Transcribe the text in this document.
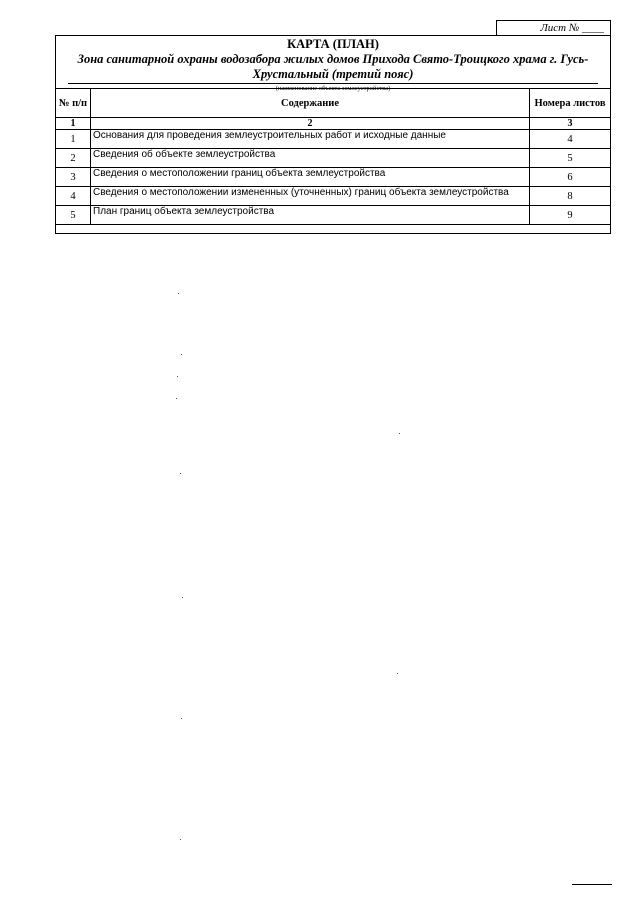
Лист № ____
КАРТА (ПЛАН)
Зона санитарной охраны водозабора жилых домов Прихода Свято-Троицкого храма г. Гусь-
Хрустальный (третий пояс)
(наименование объекта землеустройства)
№ п/п	Содержание	Номера листов
1	2	3
1	Основания для проведения землеустроительных работ и исходные данные	4
2	Сведения об объекте землеустройства	5
3	Сведения о местоположении границ объекта землеустройства	6
4	Сведения о местоположении измененных (уточненных) границ объекта землеустройства	8
5	План границ объекта землеустройства	9
